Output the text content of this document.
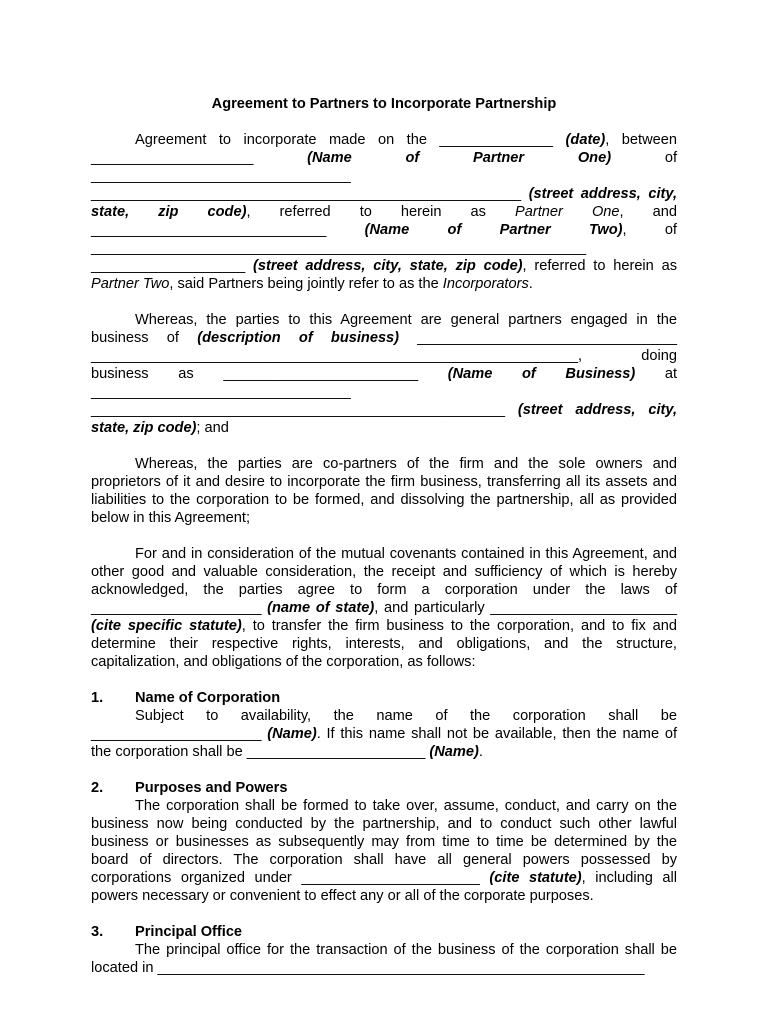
Agreement to Partners to Incorporate Partnership

Agreement to incorporate made on the ______________ (date), between ____________________	(Name of Partner One) of ________________________________ _____________________________________________________ (street address, city, state, zip code), referred to herein as Partner One, and _____________________________	(Name of Partner Two), of _____________________________________________________________ ___________________ (street address, city, state, zip code), referred to herein as Partner Two, said Partners being jointly refer to as the Incorporators.

Whereas, the parties to this Agreement are general partners engaged in the business of (description of business) ________________________________ ____________________________________________________________, doing business as ________________________ (Name of Business) at ________________________________ ___________________________________________________ (street address, city, state, zip code); and

Whereas, the parties are co-partners of the firm and the sole owners and proprietors of it and desire to incorporate the firm business, transferring all its assets and liabilities to the corporation to be formed, and dissolving the partnership, all as provided below in this Agreement;

For and in consideration of the mutual covenants contained in this Agreement, and other good and valuable consideration, the receipt and sufficiency of which is hereby acknowledged, the parties agree to form a corporation under the laws of _____________________ (name of state), and particularly _______________________ (cite specific statute), to transfer the firm business to the corporation, and to fix and determine their respective rights, interests, and obligations, and the structure, capitalization, and obligations of the corporation, as follows:

1.	Name of Corporation

Subject to availability, the name of the corporation shall be _____________________ (Name). If this name shall not be available, then the name of the corporation shall be ______________________ (Name).

2.	Purposes and Powers

The corporation shall be formed to take over, assume, conduct, and carry on the business now being conducted by the partnership, and to conduct such other lawful business or businesses as subsequently may from time to time be determined by the board of directors. The corporation shall have all general powers possessed by corporations organized under ______________________ (cite statute), including all powers necessary or convenient to effect any or all of the corporate purposes.

3.	Principal Office

The principal office for the transaction of the business of the corporation shall be located in ____________________________________________________________
